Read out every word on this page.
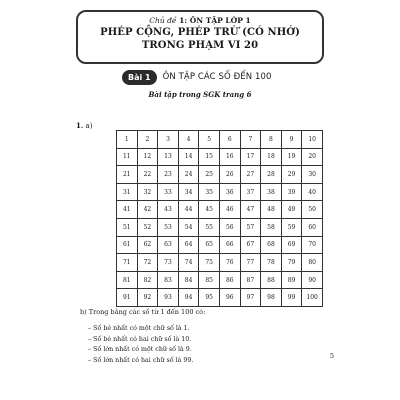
Chủ đề 1: ÔN TẬP LỚP 1
PHÉP CỘNG, PHÉP TRỪ (CÓ NHỚ)
TRONG PHẠM VI 20
Bài 1	ÔN TẬP CÁC SỐ ĐẾN 100
Bài tập trong SGK trang 6
1. a)
1	2	3	4	5	6	7	8	9	10
11	12	13	14	15	16	17	18	19	20
21	22	23	24	25	26	27	28	29	30
31	32	33	34	35	36	37	38	39	40
41	42	43	44	45	46	47	48	49	50
51	52	53	54	55	56	57	58	59	60
61	62	63	64	65	66	67	68	69	70
71	72	73	74	75	76	77	78	79	80
81	82	83	84	85	86	87	88	89	90
91	92	93	94	95	96	97	98	99	100
b) Trong bảng các số từ 1 đến 100 có:
– Số bé nhất có một chữ số là 1.
– Số bé nhất có hai chữ số là 10.
– Số lớn nhất có một chữ số là 9.
– Số lớn nhất có hai chữ số là 99.	5
